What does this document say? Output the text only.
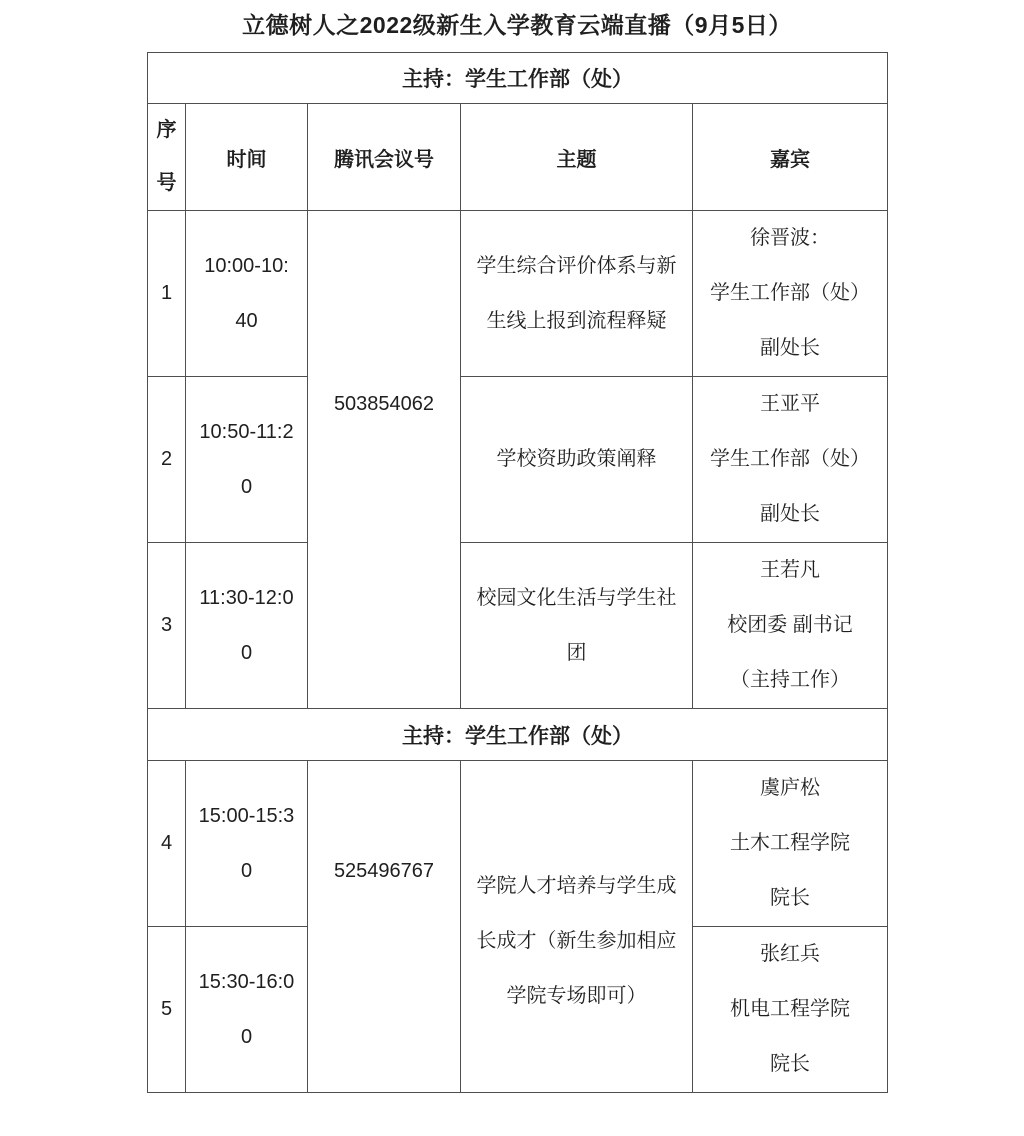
立德树人之2022级新生入学教育云端直播（9月5日）
主持：学生工作部（处）				

序
号	时间	腾讯会议号	主题	嘉宾
1	10:00-10:
40	503854062	学生综合评价体系与新
生线上报到流程释疑	徐晋波：
学生工作部（处）
副处长

2	10:50-11:2
0		学校资助政策阐释	王亚平
学生工作部（处）
副处长

3	11:30-12:0
0		校园文化生活与学生社
团	王若凡
校团委 副书记
（主持工作）

主持：学生工作部（处）				
4	15:00-15:3
0	525496767	学院人才培养与学生成
长成才（新生参加相应
学院专场即可）	虞庐松
土木工程学院
院长

5	15:30-16:0
0			张红兵
机电工程学院
院长
